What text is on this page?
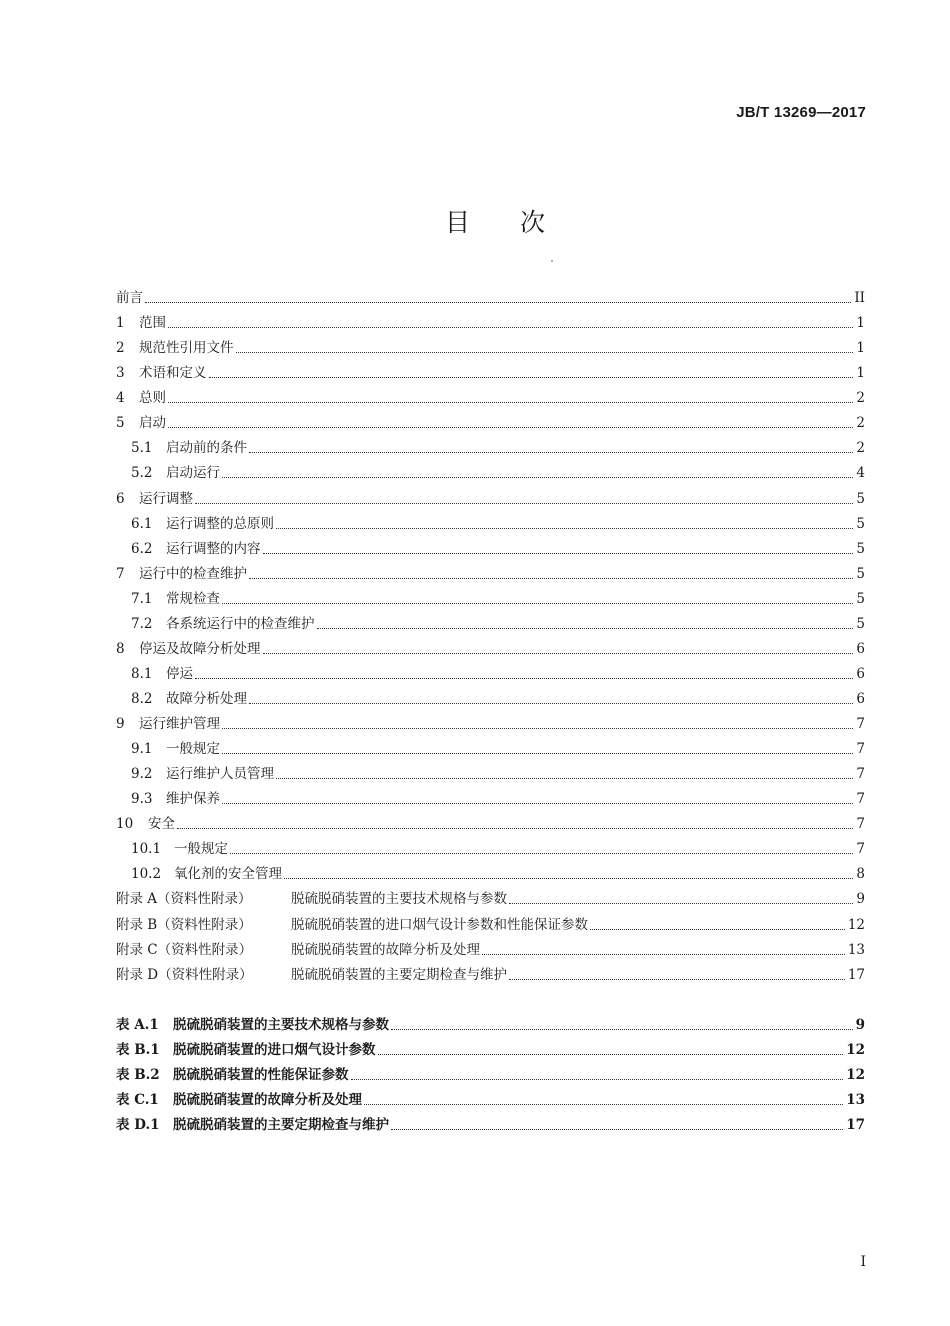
JB/T 13269—2017
目 次
前言	II
1	范围	1
2	规范性引用文件	1
3	术语和定义	1
4	总则	2
5	启动	2
5.1	启动前的条件	2
5.2	启动运行	4
6	运行调整	5
6.1	运行调整的总原则	5
6.2	运行调整的内容	5
7	运行中的检查维护	5
7.1	常规检查	5
7.2	各系统运行中的检查维护	5
8	停运及故障分析处理	6
8.1	停运	6
8.2	故障分析处理	6
9	运行维护管理	7
9.1	一般规定	7
9.2	运行维护人员管理	7
9.3	维护保养	7
10	安全	7
10.1 一般规定	7
10.2 氧化剂的安全管理	8
附录 A（资料性附录）	脱硫脱硝装置的主要技术规格与参数	9
附录 B（资料性附录）	脱硫脱硝装置的进口烟气设计参数和性能保证参数	12
附录 C（资料性附录）	脱硫脱硝装置的故障分析及处理	13
附录 D（资料性附录）	脱硫脱硝装置的主要定期检查与维护	17
表 A.1	脱硫脱硝装置的主要技术规格与参数	9
表 B.1 脱硫脱硝装置的进口烟气设计参数	12
表 B.2 脱硫脱硝装置的性能保证参数	12
表 C.1	脱硫脱硝装置的故障分析及处理	13
表 D.1 脱硫脱硝装置的主要定期检查与维护	17
I
